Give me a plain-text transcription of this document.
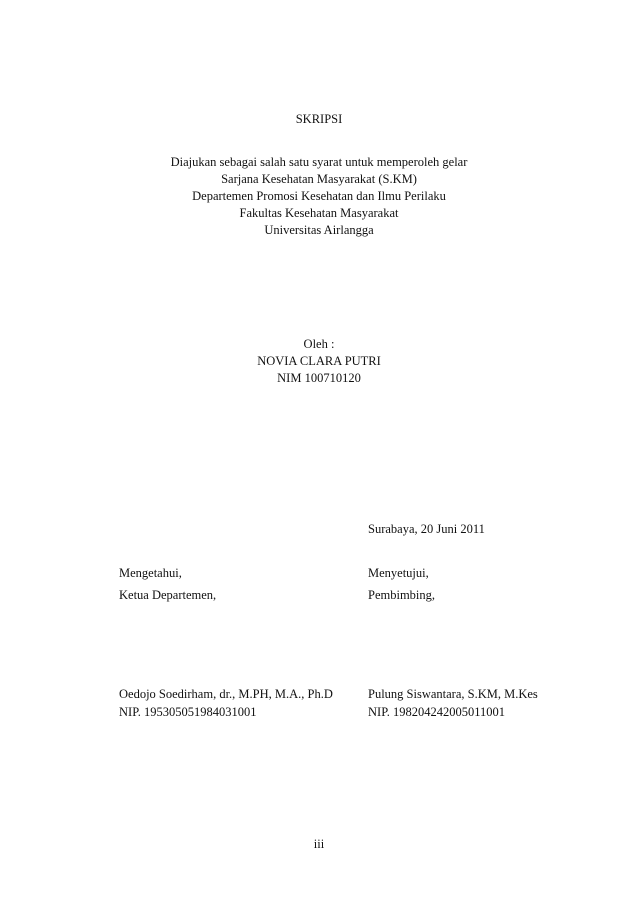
SKRIPSI
Diajukan sebagai salah satu syarat untuk memperoleh gelar
Sarjana Kesehatan Masyarakat (S.KM)
Departemen Promosi Kesehatan dan Ilmu Perilaku
Fakultas Kesehatan Masyarakat
Universitas Airlangga
Oleh :
NOVIA CLARA PUTRI
NIM 100710120
Surabaya, 20 Juni 2011
Mengetahui,	Menyetujui,
Ketua Departemen,	Pembimbing,
Oedojo Soedirham, dr., M.PH, M.A., Ph.D	Pulung Siswantara, S.KM, M.Kes
NIP. 195305051984031001	NIP. 198204242005011001
iii
